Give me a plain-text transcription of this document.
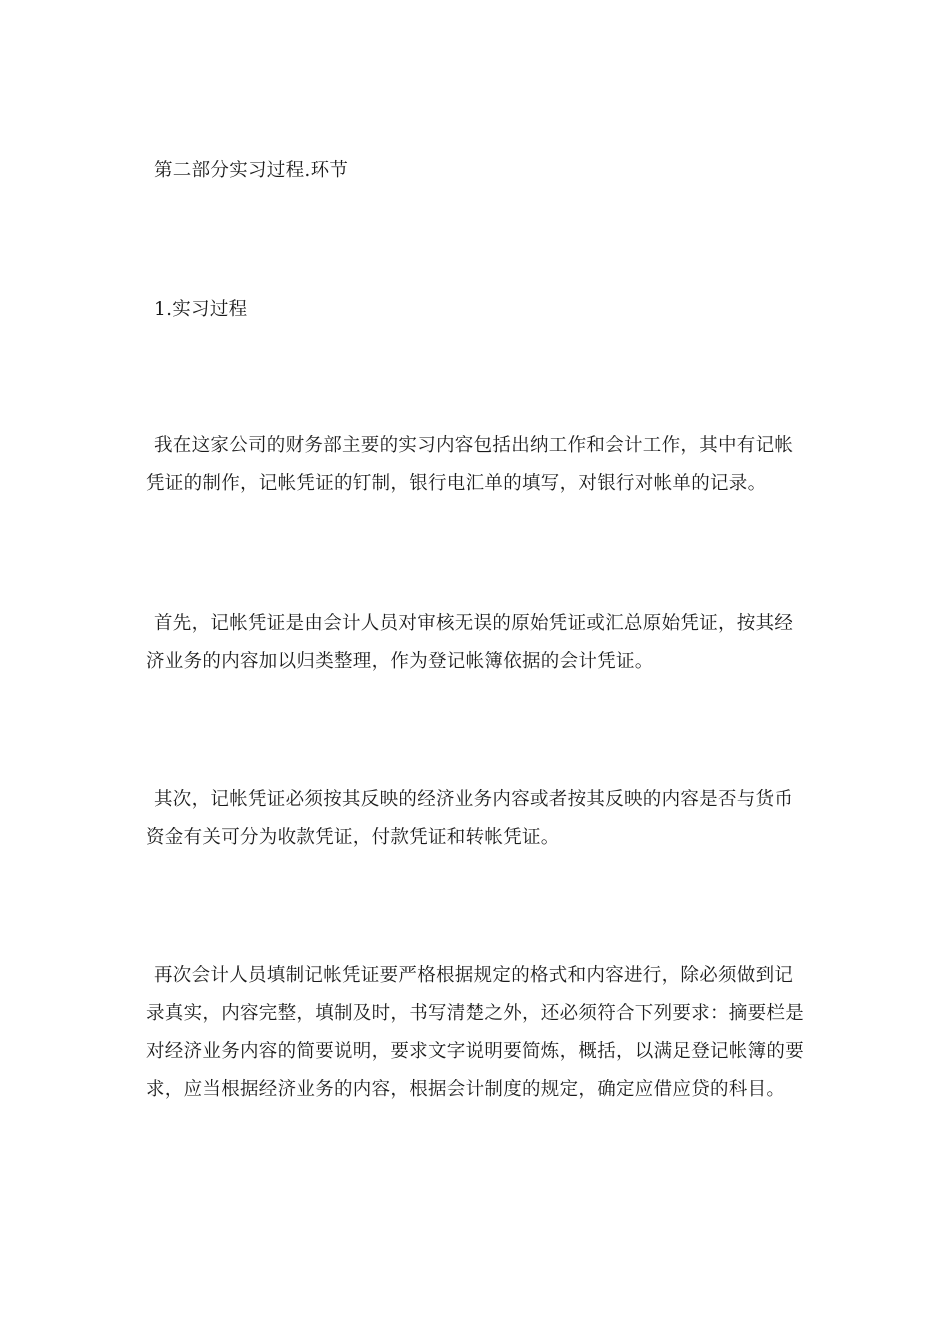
第二部分实习过程.环节

1.实习过程

我在这家公司的财务部主要的实习内容包括出纳工作和会计工作，其中有记帐凭证的制作，记帐凭证的钉制，银行电汇单的填写，对银行对帐单的记录。

首先，记帐凭证是由会计人员对审核无误的原始凭证或汇总原始凭证，按其经济业务的内容加以归类整理，作为登记帐簿依据的会计凭证。

其次，记帐凭证必须按其反映的经济业务内容或者按其反映的内容是否与货币资金有关可分为收款凭证，付款凭证和转帐凭证。

再次会计人员填制记帐凭证要严格根据规定的格式和内容进行，除必须做到记录真实，内容完整，填制及时，书写清楚之外，还必须符合下列要求：摘要栏是对经济业务内容的简要说明，要求文字说明要简炼，概括，以满足登记帐簿的要求，应当根据经济业务的内容，根据会计制度的规定，确定应借应贷的科目。
